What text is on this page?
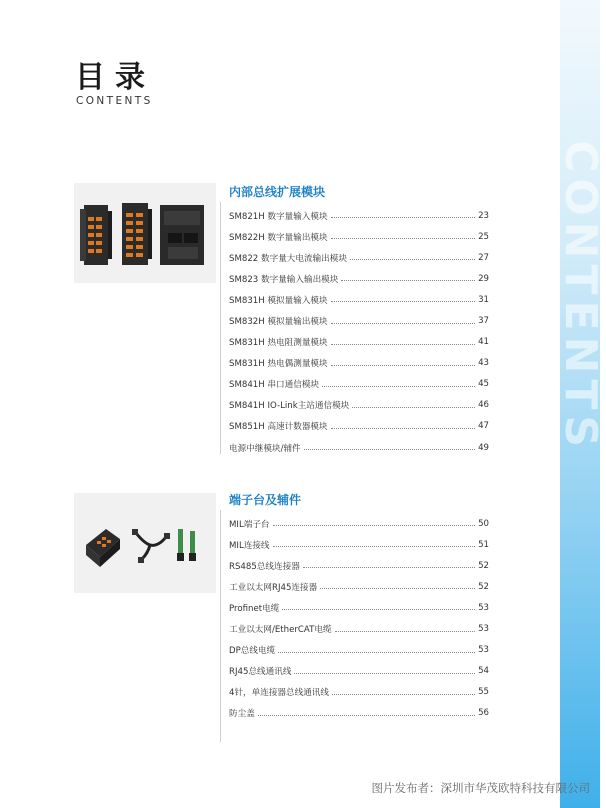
CONTENTS
目录
CONTENTS
内部总线扩展模块
SM821H 数字量输入模块	23
SM822H 数字量输出模块	25
SM822 数字量大电流输出模块	27
SM823 数字量输入输出模块	29
SM831H 模拟量输入模块	31
SM832H 模拟量输出模块	37
SM831H 热电阻测量模块	41
SM831H 热电偶测量模块	43
SM841H 串口通信模块	45
SM841H IO-Link主站通信模块	46
SM851H 高速计数器模块	47
电源中继模块/辅件	49
端子台及辅件
MIL端子台	50
MIL连接线	51
RS485总线连接器	52
工业以太网RJ45连接器	52
Profinet电缆	53
工业以太网/EtherCAT电缆	53
DP总线电缆	53
RJ45总线通讯线	54
4针，单连接器总线通讯线	55
防尘盖	56
图片发布者：深圳市华茂欧特科技有限公司
